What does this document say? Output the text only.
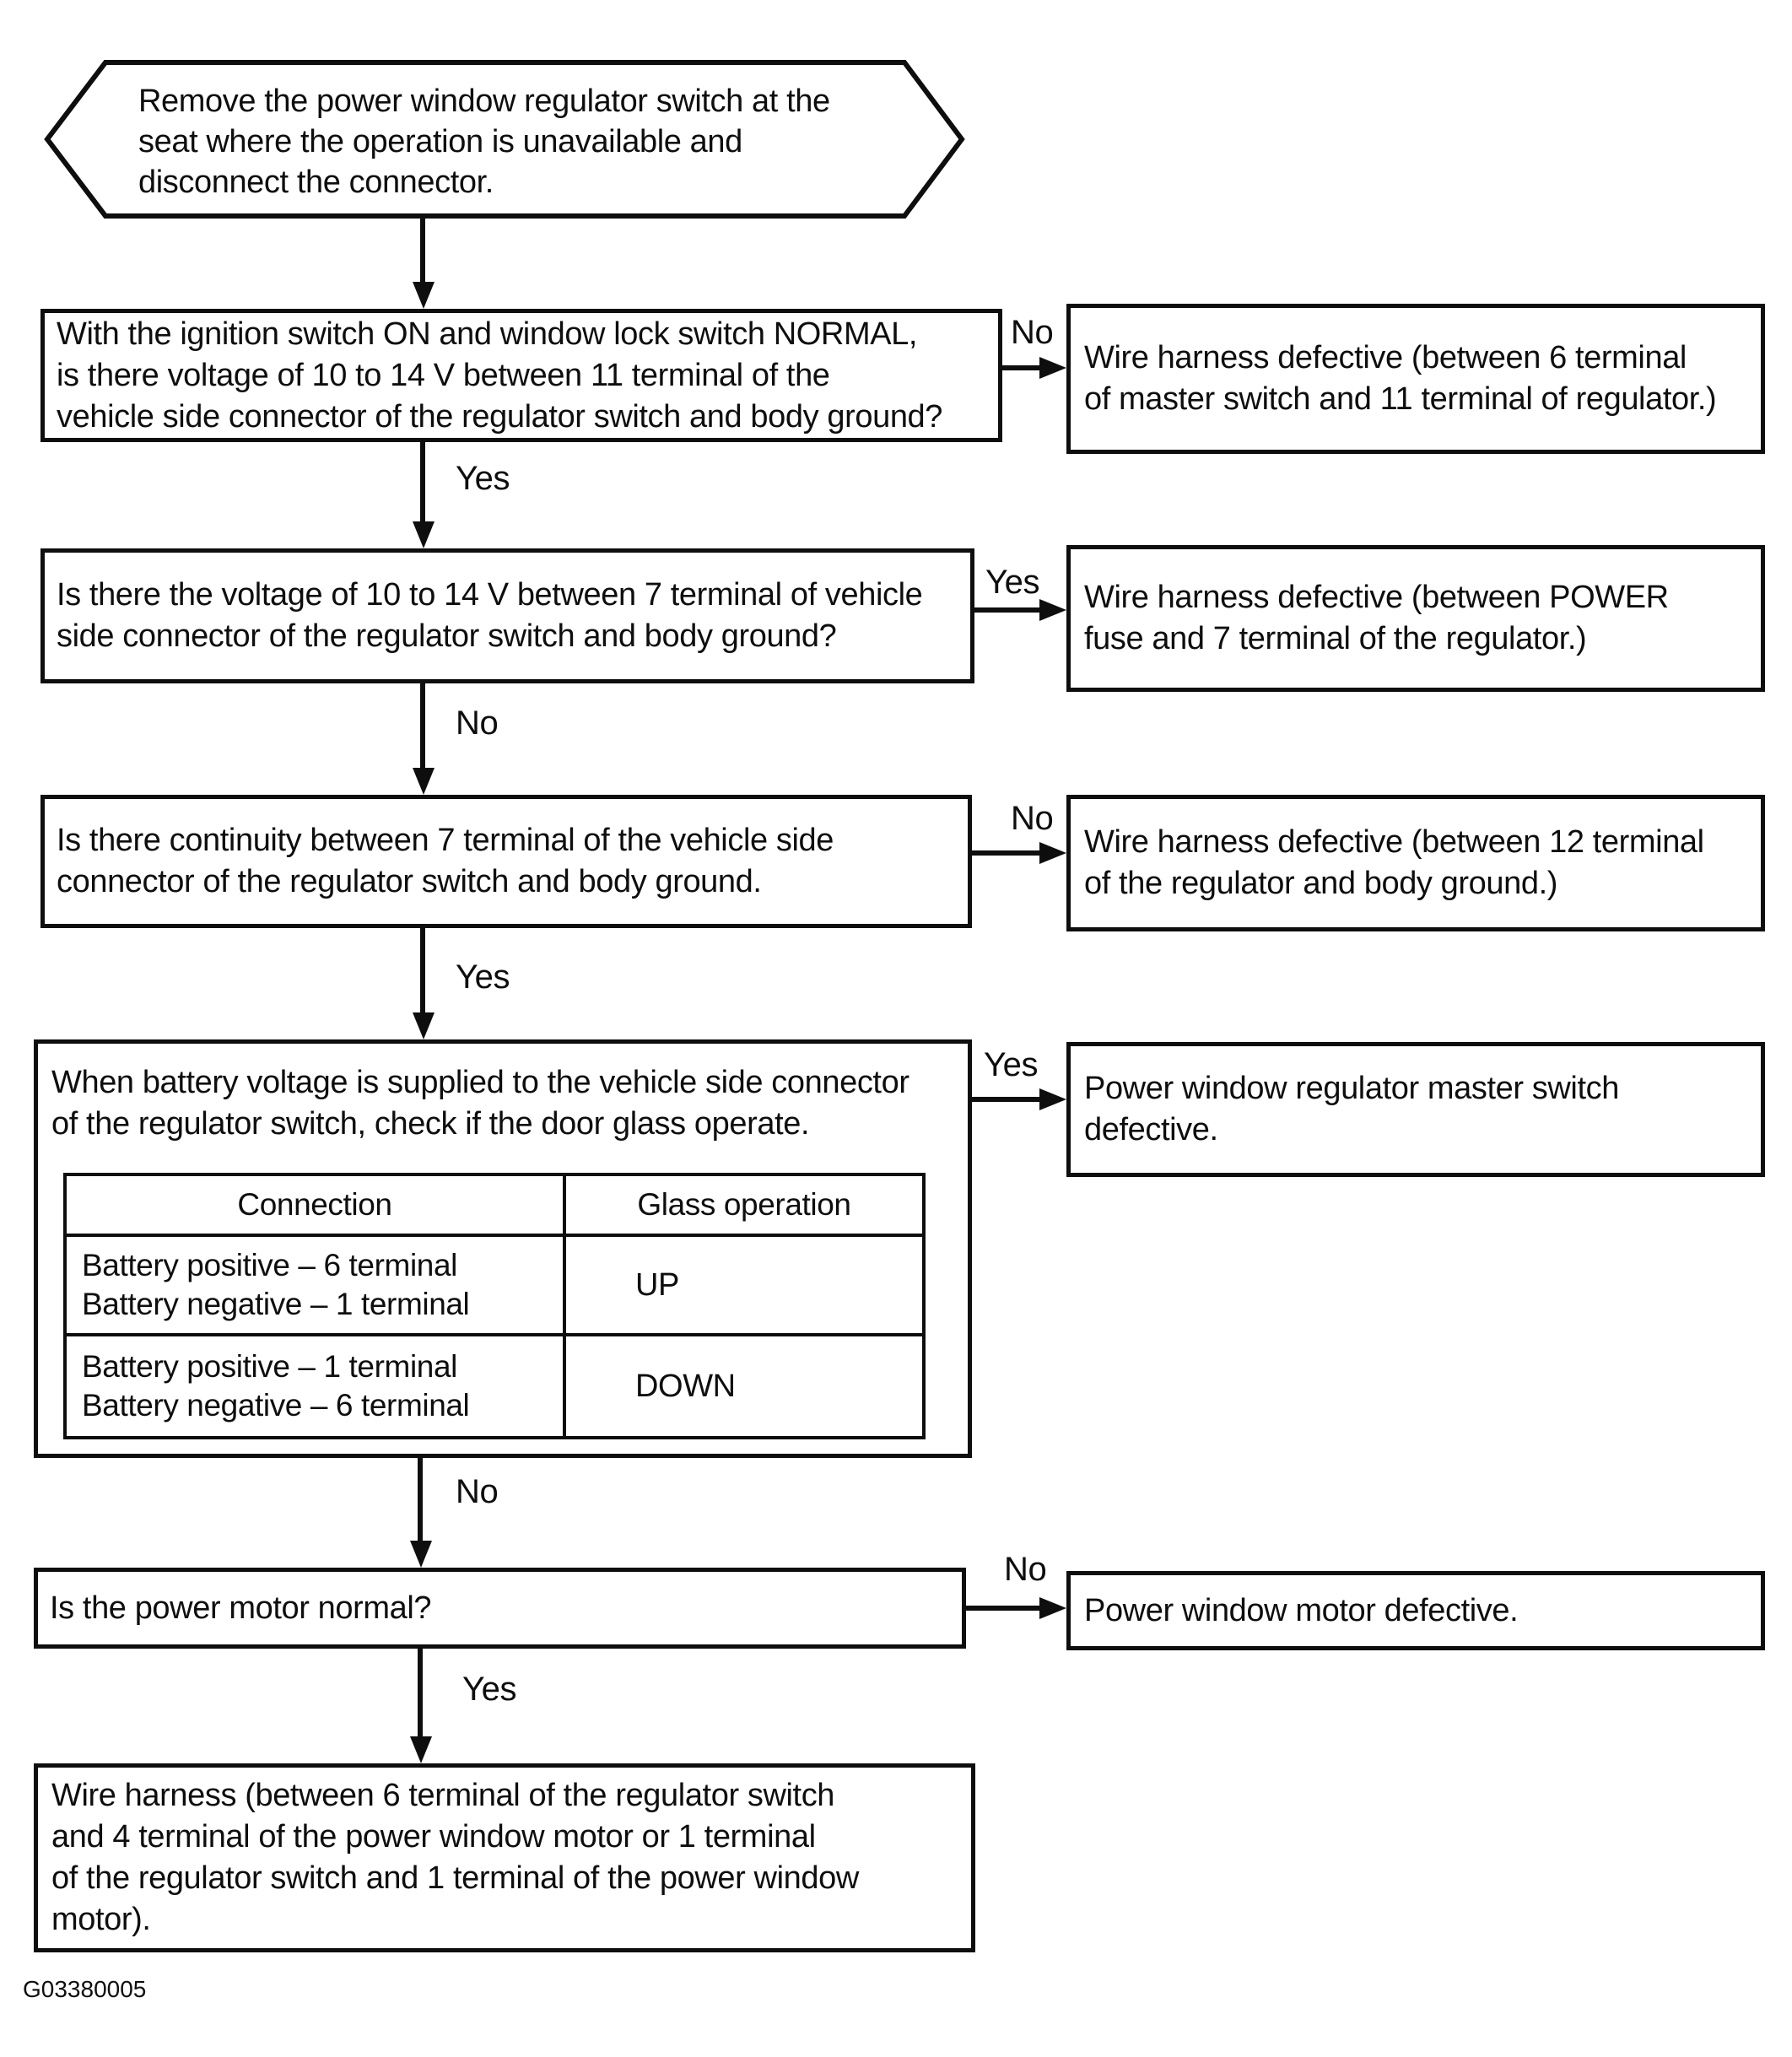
Remove the power window regulator switch at the
seat where the operation is unavailable and
disconnect the connector.
With the ignition switch ON and window lock switch NORMAL,
is there voltage of 10 to 14 V between 11 terminal of the
vehicle side connector of the regulator switch and body ground?
No
Wire harness defective (between 6 terminal
of master switch and 11 terminal of regulator.)
Yes
Is there the voltage of 10 to 14 V between 7 terminal of vehicle
side connector of the regulator switch and body ground?
Yes Wire harness defective (between POWER
fuse and 7 terminal of the regulator.)
No
Is there continuity between 7 terminal of the vehicle side
connector of the regulator switch and body ground.
No
Wire harness defective (between 12 terminal
of the regulator and body ground.)
Yes
When battery voltage is supplied to the vehicle side connector
of the regulator switch, check if the door glass operate.
Connection	Glass operation
Battery positive – 6 terminal
Battery negative – 1 terminal
UP
Battery positive – 1 terminal
Battery negative – 6 terminal
DOWN
Yes
Power window regulator master switch
defective.
No
Is the power motor normal?
No
Power window motor defective.
Yes
Wire harness (between 6 terminal of the regulator switch
and 4 terminal of the power window motor or 1 terminal
of the regulator switch and 1 terminal of the power window
motor).
G03380005
